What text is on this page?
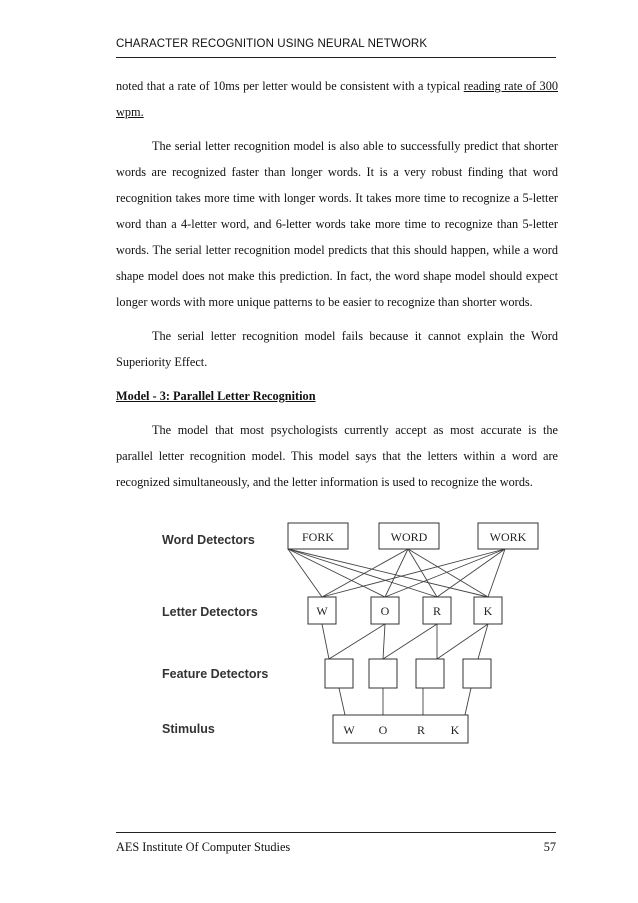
CHARACTER RECOGNITION USING NEURAL NETWORK

noted that a rate of 10ms per letter would be consistent with a typical reading rate of 300 wpm.

The serial letter recognition model is also able to successfully predict that shorter words are recognized faster than longer words. It is a very robust finding that word recognition takes more time with longer words. It takes more time to recognize a 5-letter word than a 4-letter word, and 6-letter words take more time to recognize than 5-letter words. The serial letter recognition model predicts that this should happen, while a word shape model does not make this prediction. In fact, the word shape model should expect longer words with more unique patterns to be easier to recognize than shorter words.

The serial letter recognition model fails because it cannot explain the Word Superiority Effect.

Model - 3: Parallel Letter Recognition

The model that most psychologists currently accept as most accurate is the parallel letter recognition model. This model says that the letters within a word are recognized simultaneously, and the letter information is used to recognize the words.

Word Detectors
Letter Detectors
Feature Detectors
Stimulus
FORK	WORD	WORK
W	O	R	K
W O R K
AES Institute Of Computer Studies	57
